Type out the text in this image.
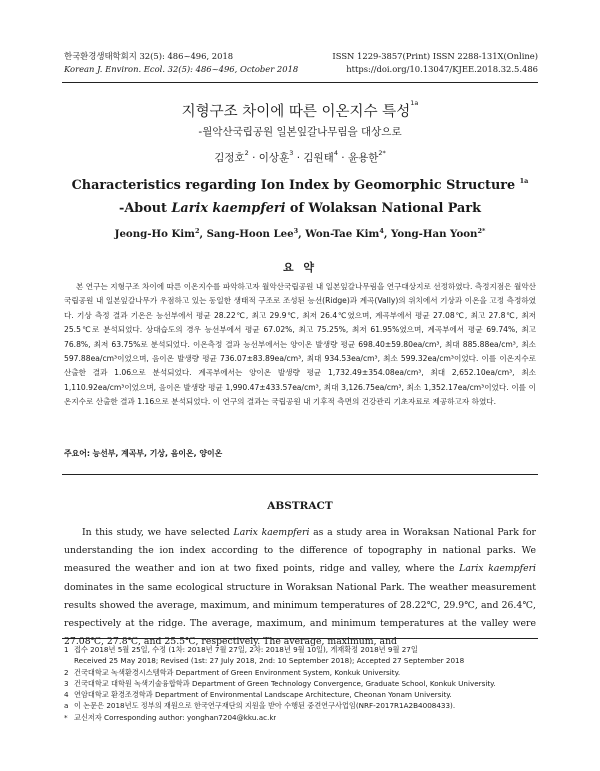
한국환경생태학회지 32(5): 486~496, 2018
Korean J. Environ. Ecol. 32(5): 486~496, October 2018
ISSN 1229-3857(Print) ISSN 2288-131X(Online)
https://doi.org/10.13047/KJEE.2018.32.5.486
지형구조 차이에 따른 이온지수 특성$^{1a}$
-월악산국립공원 일본잎갈나무림을 대상으로
김정호$^2$ · 이상훈$^3$ · 김원태$^4$ · 윤용한$^{2*}$
Characteristics regarding Ion Index by Geomorphic Structure $^{1a}$
-About Larix kaempferi of Wolaksan National Park
Jeong-Ho Kim$^2$, Sang-Hoon Lee$^3$, Won-Tae Kim$^4$, Yong-Han Yoon$^{2*}$
요 약
본 연구는 지형구조 차이에 따른 이온지수를 파악하고자 월악산국립공원 내 일본잎갈나무림을 연구대상지로 선정하였다. 측정지점은 월악산국립공원 내 일본잎갈나무가 우점하고 있는 동일한 생태적 구조로 조성된 능선(Ridge)과 계곡(Vally)의 위치에서 기상과 이온을 고정 측정하였다. 기상 측정 결과 기온은 능선부에서 평균 28.22℃, 최고 29.9℃, 최저 26.4℃였으며, 계곡부에서 평균 27.08℃, 최고 27.8℃, 최저 25.5℃로 분석되었다. 상대습도의 경우 능선부에서 평균 67.02%, 최고 75.25%, 최저 61.95%였으며, 계곡부에서 평균 69.74%, 최고 76.8%, 최저 63.75%로 분석되었다. 이온측정 결과 능선부에서는 양이온 발생량 평균 698.40±59.80ea/cm³, 최대 885.88ea/cm³, 최소 597.88ea/cm³이었으며, 음이온 발생량 평균 736.07±83.89ea/cm³, 최대 934.53ea/cm³, 최소 599.32ea/cm³이었다. 이를 이온지수로 산출한 결과 1.06으로 분석되었다. 계곡부에서는 양이온 발생량 평균 1,732.49±354.08ea/cm³, 최대 2,652.10ea/cm³, 최소 1,110.92ea/cm³이었으며, 음이온 발생량 평균 1,990.47±433.57ea/cm³, 최대 3,126.75ea/cm³, 최소 1,352.17ea/cm³이었다. 이를 이온지수로 산출한 결과 1.16으로 분석되었다. 이 연구의 결과는 국립공원 내 기후적 측면의 건강관리 기초자료로 제공하고자 하였다.
주요어: 능선부, 계곡부, 기상, 음이온, 양이온
ABSTRACT
In this study, we have selected Larix kaempferi as a study area in Woraksan National Park for understanding the ion index according to the difference of topography in national parks. We measured the weather and ion at two fixed points, ridge and valley, where the Larix kaempferi dominates in the same ecological structure in Woraksan National Park. The weather measurement results showed the average, maximum, and minimum temperatures of 28.22℃, 29.9℃, and 26.4℃, respectively at the ridge. The average, maximum, and minimum temperatures at the valley were 27.08℃, 27.8℃, and 25.5℃, respectively. The average, maximum, and
1 접수 2018년 5월 25일, 수정 (1차: 2018년 7월 27일, 2차: 2018년 9월 10일), 게재확정 2018년 9월 27일
Received 25 May 2018; Revised (1st: 27 July 2018, 2nd: 10 September 2018); Accepted 27 September 2018
2 건국대학교 녹색환경시스템학과 Department of Green Environment System, Konkuk University.
3 건국대학교 대학원 녹색기술융합학과 Department of Green Technology Convergence, Graduate School, Konkuk University.
4 연암대학교 환경조경학과 Department of Environmental Landscape Architecture, Cheonan Yonam University.
a 이 논문은 2018년도 정부의 재원으로 한국연구재단의 지원을 받아 수행된 중견연구사업임(NRF-2017R1A2B4008433).
* 교신저자 Corresponding author: yonghan7204@kku.ac.kr
